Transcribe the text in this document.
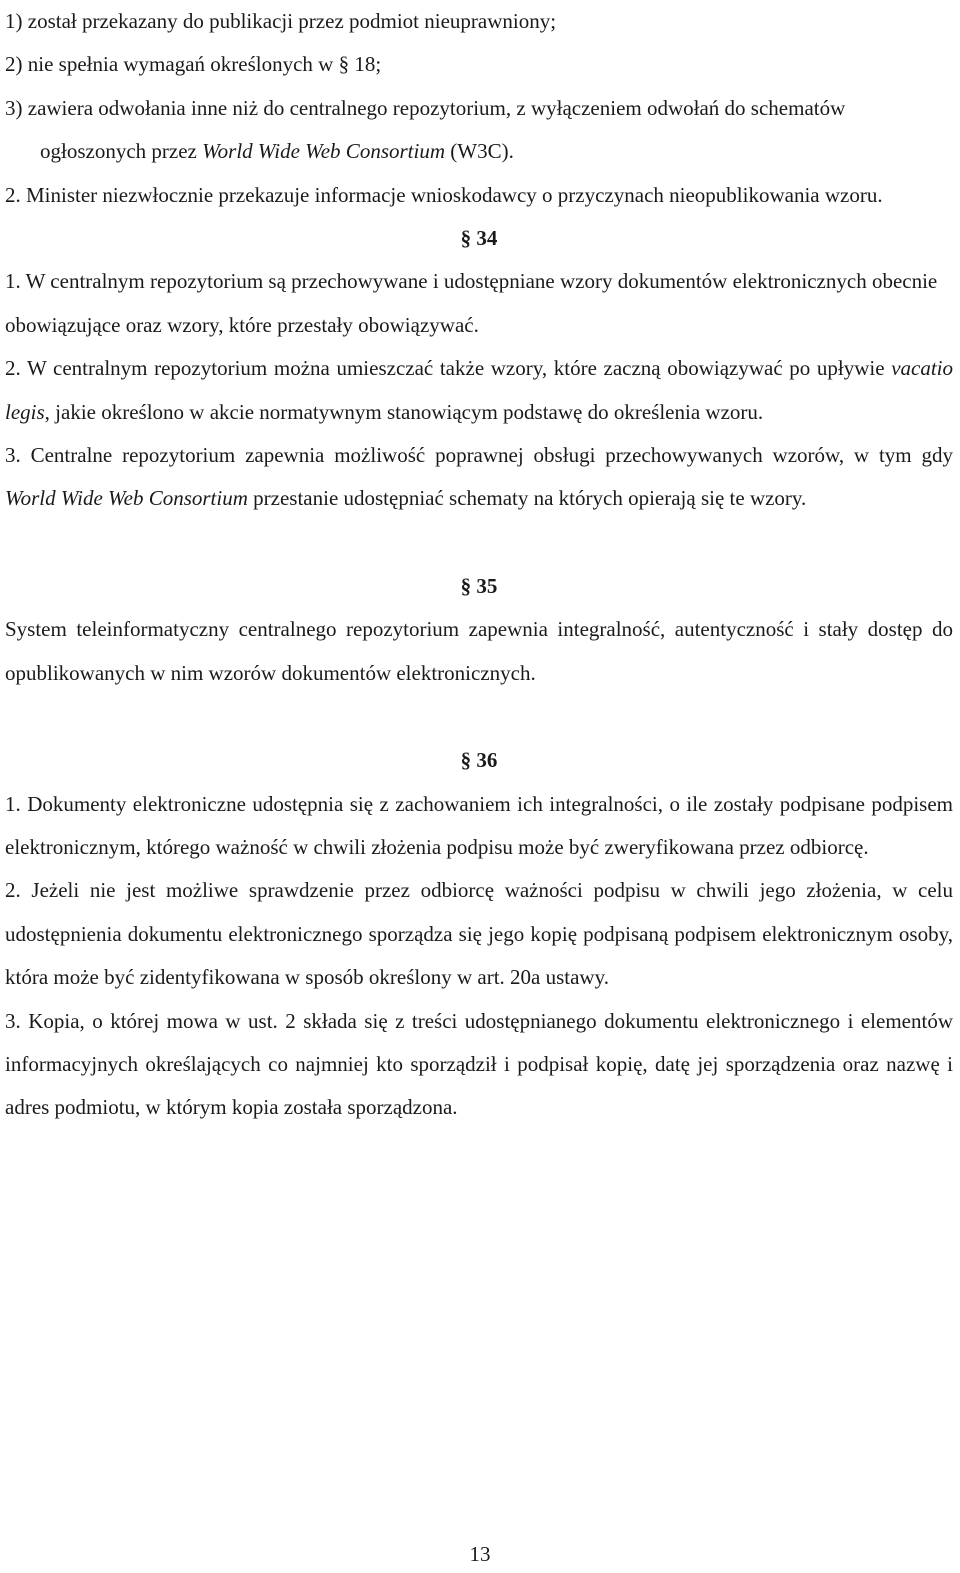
1) został przekazany do publikacji przez podmiot nieuprawniony;

2) nie spełnia wymagań określonych w § 18;

3) zawiera odwołania inne niż do centralnego repozytorium, z wyłączeniem odwołań do schematów ogłoszonych przez World Wide Web Consortium (W3C).

2. Minister niezwłocznie przekazuje informacje wnioskodawcy o przyczynach nieopublikowania wzoru.

§ 34

1. W centralnym repozytorium są przechowywane i udostępniane wzory dokumentów elektronicznych obecnie obowiązujące oraz wzory, które przestały obowiązywać.

2. W centralnym repozytorium można umieszczać także wzory, które zaczną obowiązywać po upływie vacatio legis, jakie określono w akcie normatywnym stanowiącym podstawę do określenia wzoru.

3. Centralne repozytorium zapewnia możliwość poprawnej obsługi przechowywanych wzorów, w tym gdy World Wide Web Consortium przestanie udostępniać schematy na których opierają się te wzory.

§ 35

System teleinformatyczny centralnego repozytorium zapewnia integralność, autentyczność i stały dostęp do opublikowanych w nim wzorów dokumentów elektronicznych.

§ 36

1. Dokumenty elektroniczne udostępnia się z zachowaniem ich integralności, o ile zostały podpisane podpisem elektronicznym, którego ważność w chwili złożenia podpisu może być zweryfikowana przez odbiorcę.

2. Jeżeli nie jest możliwe sprawdzenie przez odbiorcę ważności podpisu w chwili jego złożenia, w celu udostępnienia dokumentu elektronicznego sporządza się jego kopię podpisaną podpisem elektronicznym osoby, która może być zidentyfikowana w sposób określony w art. 20a ustawy.

3. Kopia, o której mowa w ust. 2 składa się z treści udostępnianego dokumentu elektronicznego i elementów informacyjnych określających co najmniej kto sporządził i podpisał kopię, datę jej sporządzenia oraz nazwę i adres podmiotu, w którym kopia została sporządzona.

13
